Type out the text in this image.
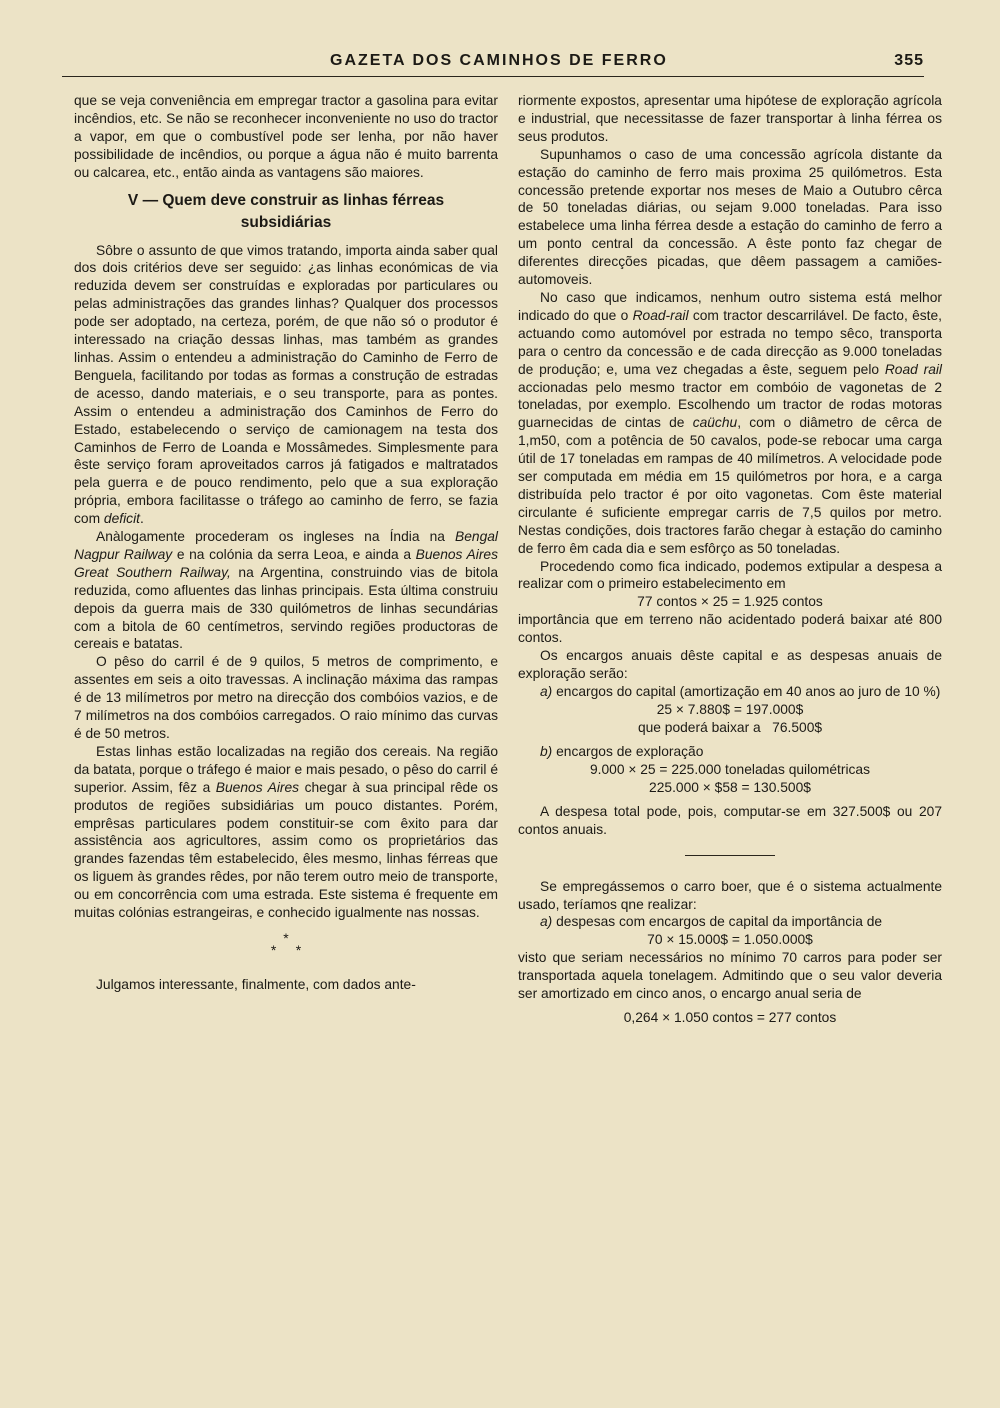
GAZETA DOS CAMINHOS DE FERRO	355

que se veja conveniência em empregar tractor a gasolina para evitar incêndios, etc. Se não se reconhecer inconveniente no uso do tractor a vapor, em que o combustível pode ser lenha, por não haver possibilidade de incêndios, ou porque a água não é muito barrenta ou calcarea, etc., então ainda as vantagens são maiores.

V — Quem deve construir as linhas férreas
subsidiárias

Sôbre o assunto de que vimos tratando, importa ainda saber qual dos dois critérios deve ser seguido: ¿as linhas económicas de via reduzida devem ser construídas e exploradas por particulares ou pelas administrações das grandes linhas? Qualquer dos processos pode ser adoptado, na certeza, porém, de que não só o produtor é interessado na criação dessas linhas, mas também as grandes linhas. Assim o entendeu a administração do Caminho de Ferro de Benguela, facilitando por todas as formas a construção de estradas de acesso, dando materiais, e o seu transporte, para as pontes. Assim o entendeu a administração dos Caminhos de Ferro do Estado, estabelecendo o serviço de camionagem na testa dos Caminhos de Ferro de Loanda e Mossâmedes. Simplesmente para êste serviço foram aproveitados carros já fatigados e maltratados pela guerra e de pouco rendimento, pelo que a sua exploração própria, embora facilitasse o tráfego ao caminho de ferro, se fazia com deficit.

Anàlogamente procederam os ingleses na Índia na Bengal Nagpur Railway e na colónia da serra Leoa, e ainda a Buenos Aires Great Southern Railway, na Argentina, construindo vias de bitola reduzida, como afluentes das linhas principais. Esta última construiu depois da guerra mais de 330 quilómetros de linhas secundárias com a bitola de 60 centímetros, servindo regiões productoras de cereais e batatas.

O pêso do carril é de 9 quilos, 5 metros de comprimento, e assentes em seis a oito travessas. A inclinação máxima das rampas é de 13 milímetros por metro na direcção dos combóios vazios, e de 7 milímetros na dos combóios carregados. O raio mínimo das curvas é de 50 metros.

Estas linhas estão localizadas na região dos cereais. Na região da batata, porque o tráfego é maior e mais pesado, o pêso do carril é superior. Assim, fêz a Buenos Aires chegar à sua principal rêde os produtos de regiões subsidiárias um pouco distantes. Porém, emprêsas particulares podem constituir-se com êxito para dar assistência aos agricultores, assim como os proprietários das grandes fazendas têm estabelecido, êles mesmo, linhas férreas que os liguem às grandes rêdes, por não terem outro meio de transporte, ou em concorrência com uma estrada. Este sistema é frequente em muitas colónias estrangeiras, e conhecido igualmente nas nossas.

*
*     *

Julgamos interessante, finalmente, com dados ante-

riormente expostos, apresentar uma hipótese de exploração agrícola e industrial, que necessitasse de fazer transportar à linha férrea os seus produtos.

Supunhamos o caso de uma concessão agrícola distante da estação do caminho de ferro mais proxima 25 quilómetros. Esta concessão pretende exportar nos meses de Maio a Outubro cêrca de 50 toneladas diárias, ou sejam 9.000 toneladas. Para isso estabelece uma linha férrea desde a estação do caminho de ferro a um ponto central da concessão. A êste ponto faz chegar de diferentes direcções picadas, que dêem passagem a camiões-automoveis.

No caso que indicamos, nenhum outro sistema está melhor indicado do que o Road-rail com tractor descarrilável. De facto, êste, actuando como automóvel por estrada no tempo sêco, transporta para o centro da concessão e de cada direcção as 9.000 toneladas de produção; e, uma vez chegadas a êste, seguem pelo Road rail accionadas pelo mesmo tractor em combóio de vagonetas de 2 toneladas, por exemplo. Escolhendo um tractor de rodas motoras guarnecidas de cintas de caüchu, com o diâmetro de cêrca de 1,m50, com a potência de 50 cavalos, pode-se rebocar uma carga útil de 17 toneladas em rampas de 40 milímetros. A velocidade pode ser computada em média em 15 quilómetros por hora, e a carga distribuída pelo tractor é por oito vagonetas. Com êste material circulante é suficiente empregar carris de 7,5 quilos por metro. Nestas condições, dois tractores farão chegar à estação do caminho de ferro êm cada dia e sem esfôrço as 50 toneladas.

Procedendo como fica indicado, podemos extipular a despesa a realizar com o primeiro estabelecimento em

77 contos × 25 = 1.925 contos

importância que em terreno não acidentado poderá baixar até 800 contos.

Os encargos anuais dêste capital e as despesas anuais de exploração serão:

a) encargos do capital (amortização em 40 anos ao juro de 10 %)

25 × 7.880$ = 197.000$
que poderá baixar a   76.500$

b) encargos de exploração

9.000 × 25 = 225.000 toneladas quilométricas
225.000 × $58 = 130.500$

A despesa total pode, pois, computar-se em 327.500$ ou 207 contos anuais.

Se empregássemos o carro boer, que é o sistema actualmente usado, teríamos qne realizar:

a) despesas com encargos de capital da importância de

70 × 15.000$ = 1.050.000$

visto que seriam necessários no mínimo 70 carros para poder ser transportada aquela tonelagem. Admitindo que o seu valor deveria ser amortizado em cinco anos, o encargo anual seria de

0,264 × 1.050 contos = 277 contos
